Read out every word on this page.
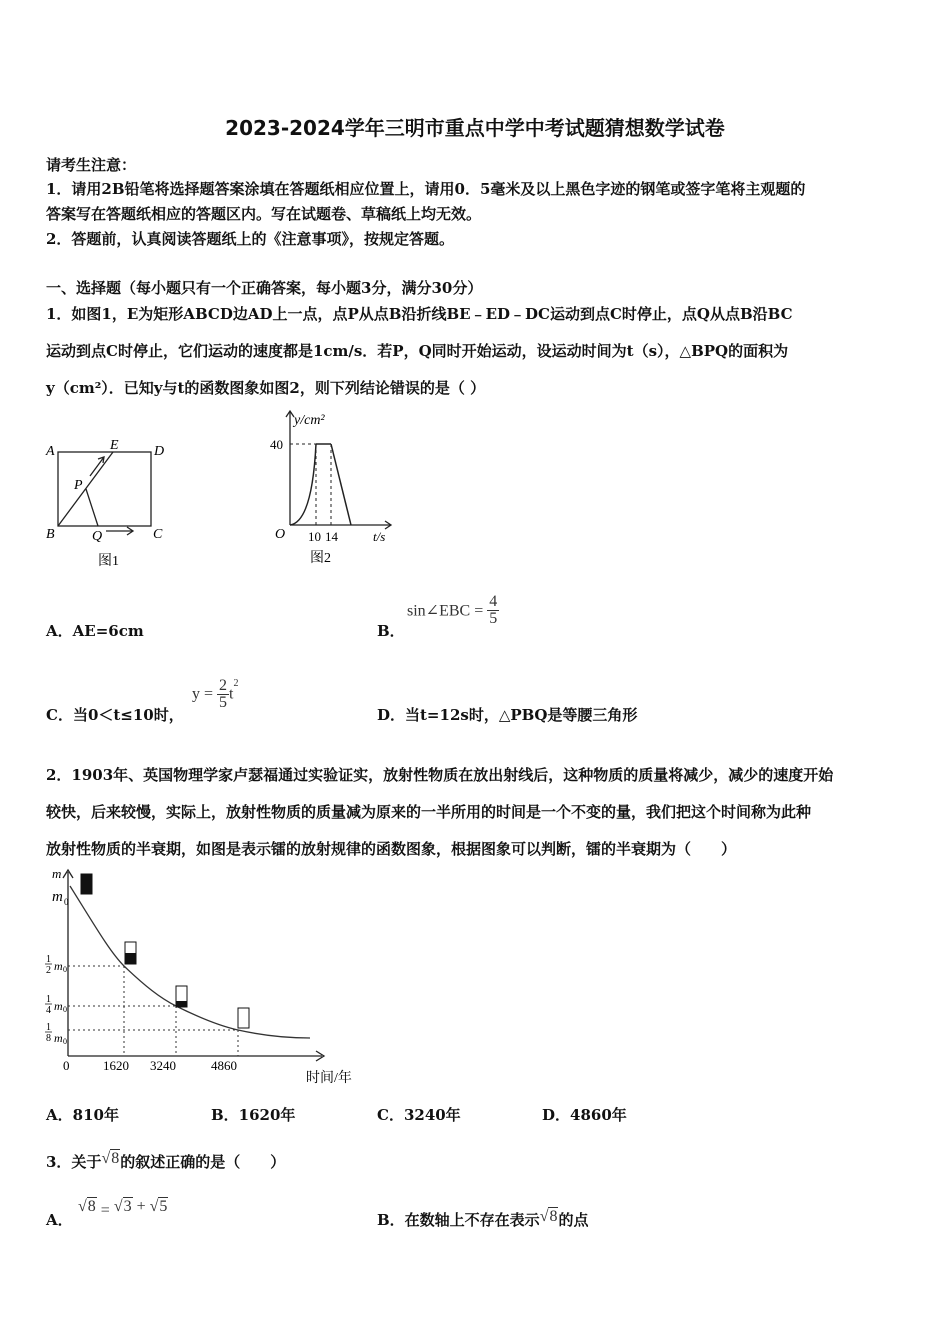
2023-2024学年三明市重点中学中考试题猜想数学试卷
请考生注意：
1．请用2B铅笔将选择题答案涂填在答题纸相应位置上，请用0．5毫米及以上黑色字迹的钢笔或签字笔将主观题的
答案写在答题纸相应的答题区内。写在试题卷、草稿纸上均无效。
2．答题前，认真阅读答题纸上的《注意事项》，按规定答题。
一、选择题（每小题只有一个正确答案，每小题3分，满分30分）
1．如图1，E为矩形ABCD边AD上一点，点P从点B沿折线BE﹣ED﹣DC运动到点C时停止，点Q从点B沿BC
运动到点C时停止，它们运动的速度都是1cm/s．若P，Q同时开始运动，设运动时间为t（s），△BPQ的面积为
y（cm²）．已知y与t的函数图象如图2，则下列结论错误的是（ ）
A	E	D
P
B	Q	C
图1
y/cm²
40
O 10 14	t/s
图2
A．AE=6cm	B．
sin∠EBC = $\frac{4}{5}$
C．当0＜t≤10时，
$y = \frac{2}{5} t^2$
D．当t=12s时，△PBQ是等腰三角形
2．1903年、英国物理学家卢瑟福通过实验证实，放射性物质在放出射线后，这种物质的质量将减少，减少的速度开始
较快，后来较慢，实际上，放射性物质的质量减为原来的一半所用的时间是一个不变的量，我们把这个时间称为此种
放射性物质的半衰期，如图是表示镭的放射规律的函数图象，根据图象可以判断，镭的半衰期为（　　）
m
m 0
1
2 m 0
1
4 m 0
1
8 m 0
0	1620 3240	4860
时间/年
A．810年	B．1620年	C．3240年	D．4860年
3．关于√8的叙述正确的是（　　）
A．
√8 = √3 + √5
B．在数轴上不存在表示√8的点
